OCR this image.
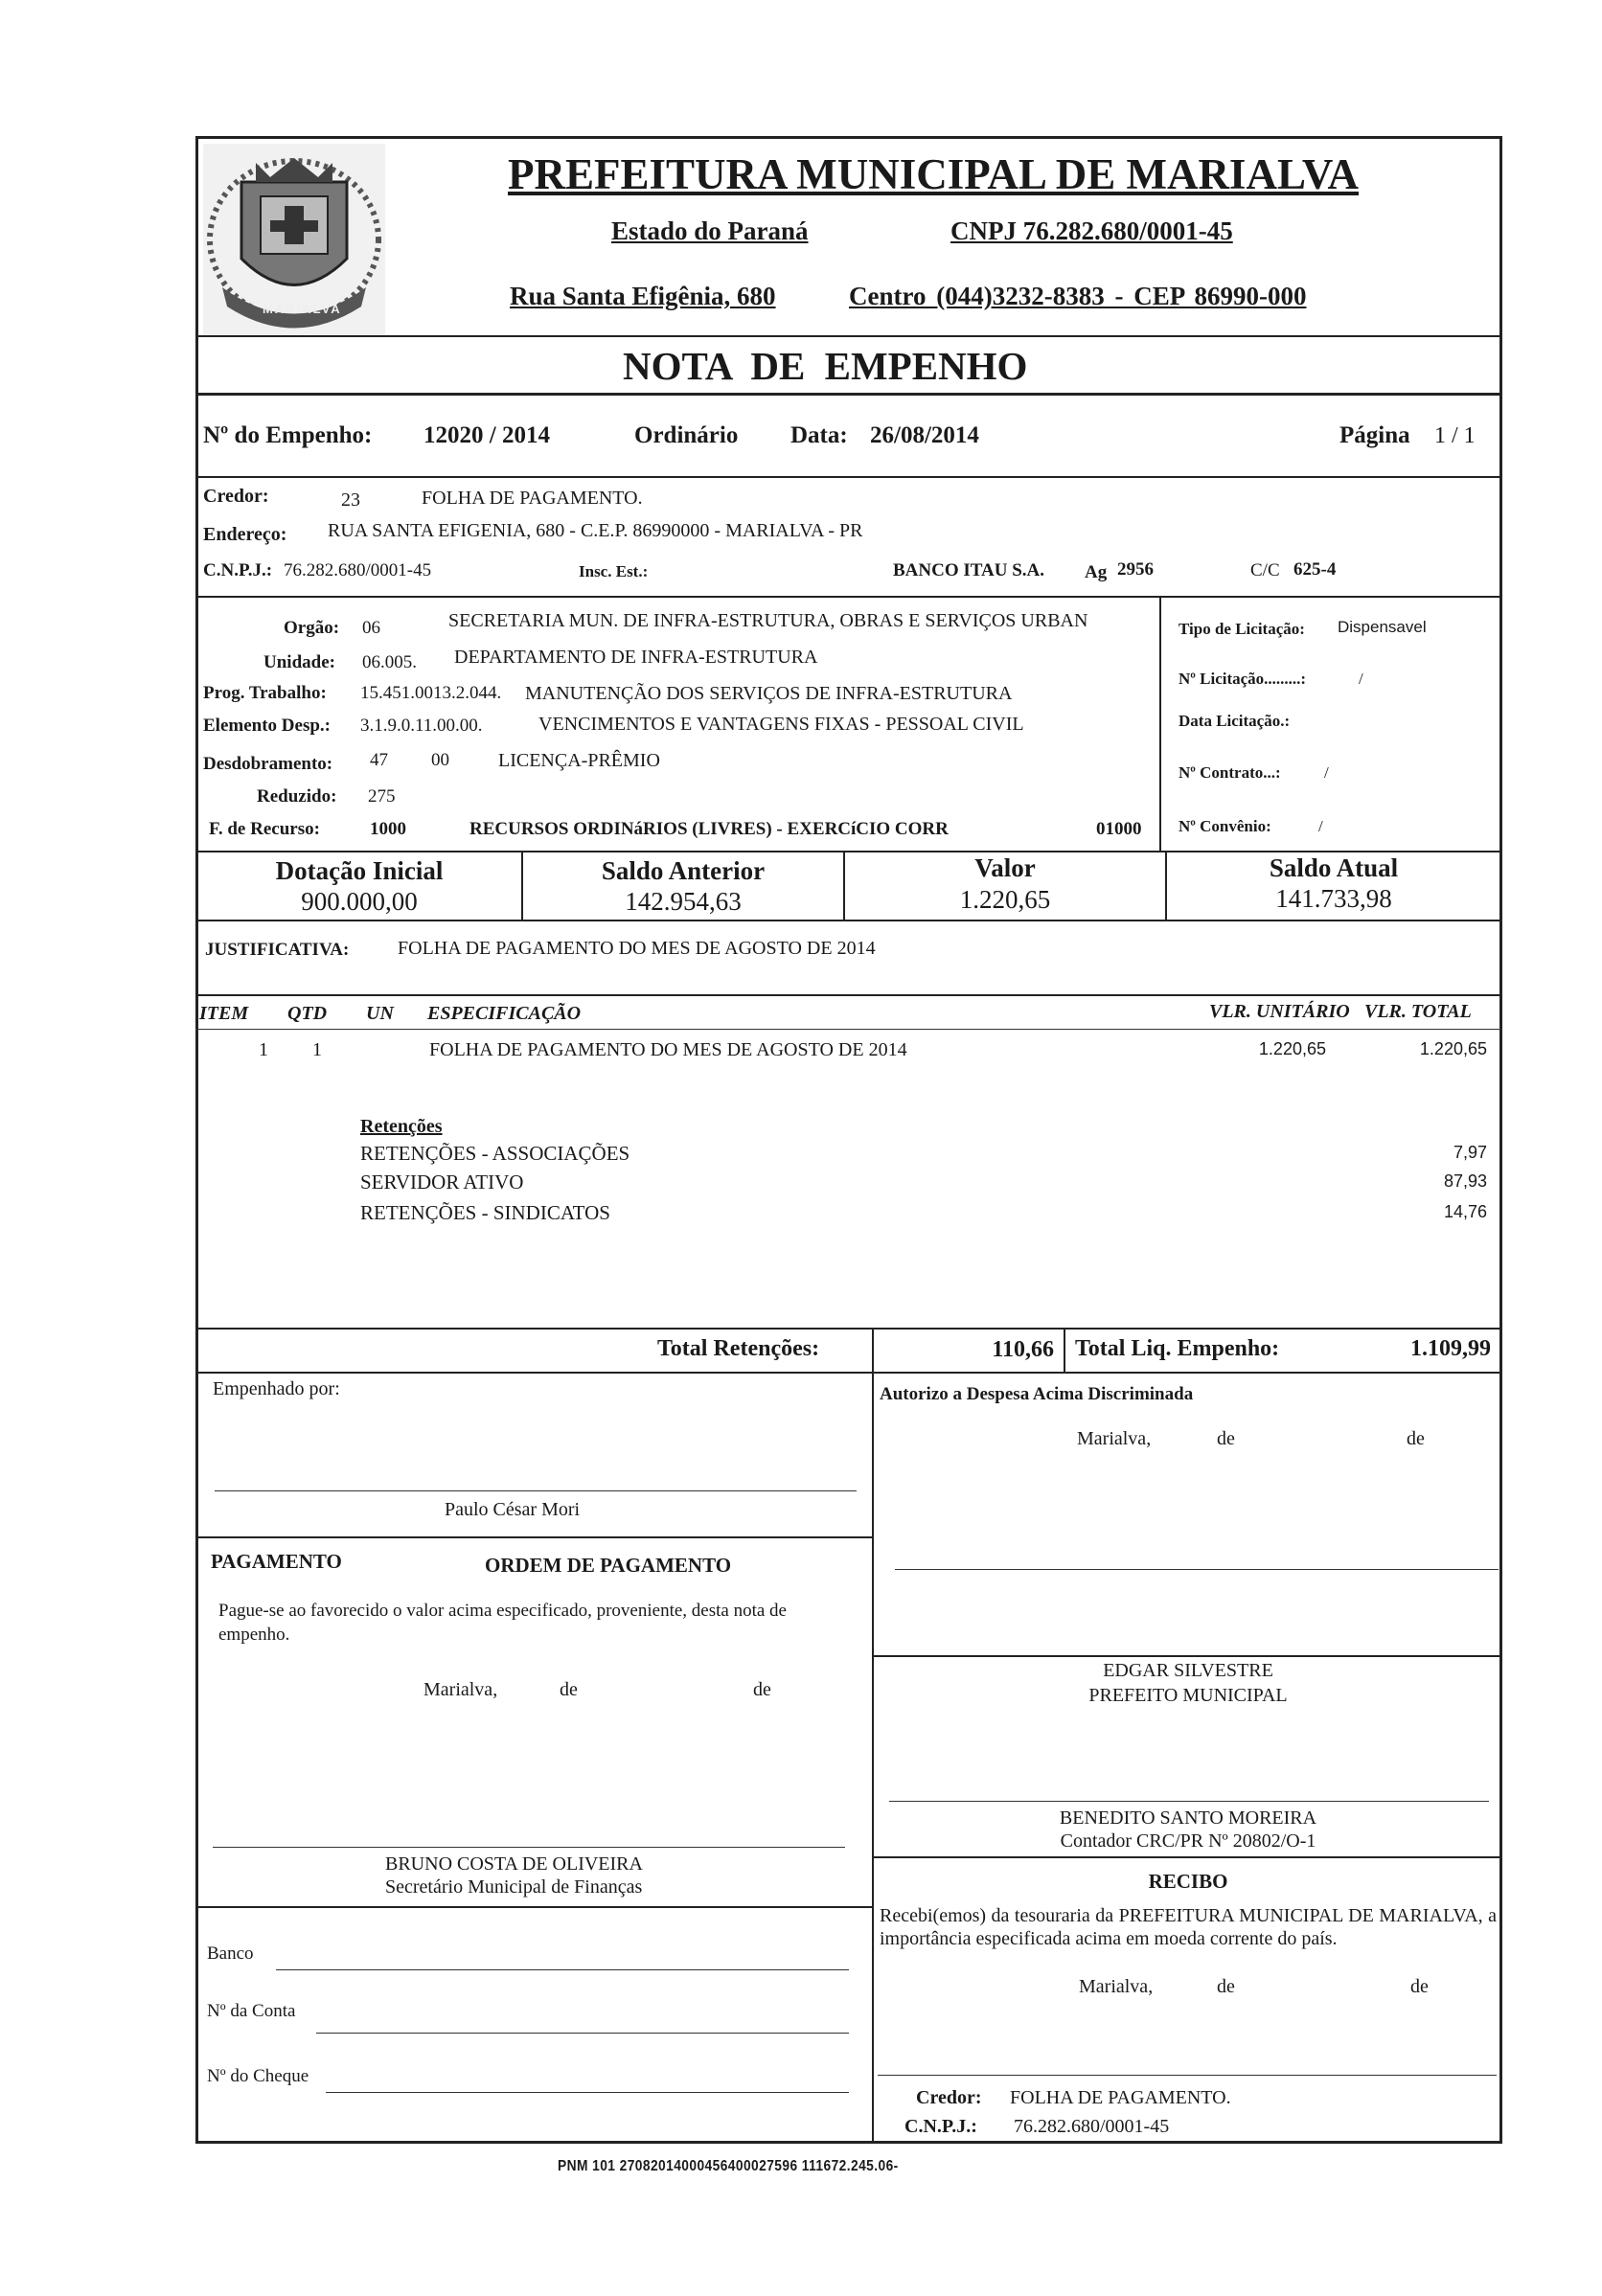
MARIALVA
PREFEITURA MUNICIPAL DE MARIALVA
Estado do Paraná	CNPJ 76.282.680/0001-45
Rua Santa Efigênia, 680	Centro (044)3232-8383 - CEP 86990-000
NOTA DE EMPENHO
Nº do Empenho: 12020 / 2014	Ordinário Data: 26/08/2014	Página 1 / 1
Credor:	23	FOLHA DE PAGAMENTO.
Endereço: RUA SANTA EFIGENIA, 680 - C.E.P. 86990000 - MARIALVA - PR
C.N.P.J.: 76.282.680/0001-45	Insc. Est.:	BANCO ITAU S.A. Ag 2956	C/C 625-4
Orgão: 06	SECRETARIA MUN. DE INFRA-ESTRUTURA, OBRAS E SERVIÇOS URBAN
Unidade: 06.005. DEPARTAMENTO DE INFRA-ESTRUTURA
Prog. Trabalho: 15.451.0013.2.044. MANUTENÇÃO DOS SERVIÇOS DE INFRA-ESTRUTURA
Elemento Desp.: 3.1.9.0.11.00.00.	VENCIMENTOS E VANTAGENS FIXAS - PESSOAL CIVIL
Desdobramento: 47 00	LICENÇA-PRÊMIO
Reduzido: 275
F. de Recurso:	1000	RECURSOS ORDINáRIOS (LIVRES) - EXERCíCIO CORR	01000
Tipo de Licitação: Dispensavel
Nº Licitação.........:	/
Data Licitação.:
Nº Contrato...:	/
Nº Convênio:	/
Dotação Inicial
900.000,00
Saldo Anterior
142.954,63
Valor
1.220,65
Saldo Atual
141.733,98
JUSTIFICATIVA:	FOLHA DE PAGAMENTO DO MES DE AGOSTO DE 2014
ITEM QTD UN ESPECIFICAÇÃO	VLR. UNITÁRIO VLR. TOTAL
1 1	FOLHA DE PAGAMENTO DO MES DE AGOSTO DE 2014	1.220,65	1.220,65
Retenções
RETENÇÕES - ASSOCIAÇÕES	7,97
SERVIDOR ATIVO	87,93
RETENÇÕES - SINDICATOS	14,76
Total Retenções:	110,66 Total Liq. Empenho:	1.109,99
Empenhado por:
Paulo César Mori
PAGAMENTO	ORDEM DE PAGAMENTO
Pague-se ao favorecido o valor acima especificado, proveniente, desta nota de empenho.
Marialva,	de	de
BRUNO COSTA DE OLIVEIRA
Secretário Municipal de Finanças
Banco
Nº da Conta
Nº do Cheque
Autorizo a Despesa Acima Discriminada
Marialva,	de	de
EDGAR SILVESTRE
PREFEITO MUNICIPAL
BENEDITO SANTO MOREIRA
Contador CRC/PR Nº 20802/O-1
RECIBO
Recebi(emos) da tesouraria da PREFEITURA MUNICIPAL DE MARIALVA, a importância especificada acima em moeda corrente do país.
Marialva,	de	de
Credor: FOLHA DE PAGAMENTO.
C.N.P.J.: 76.282.680/0001-45
PNM 101 27082014000456400027596 111672.245.06-
